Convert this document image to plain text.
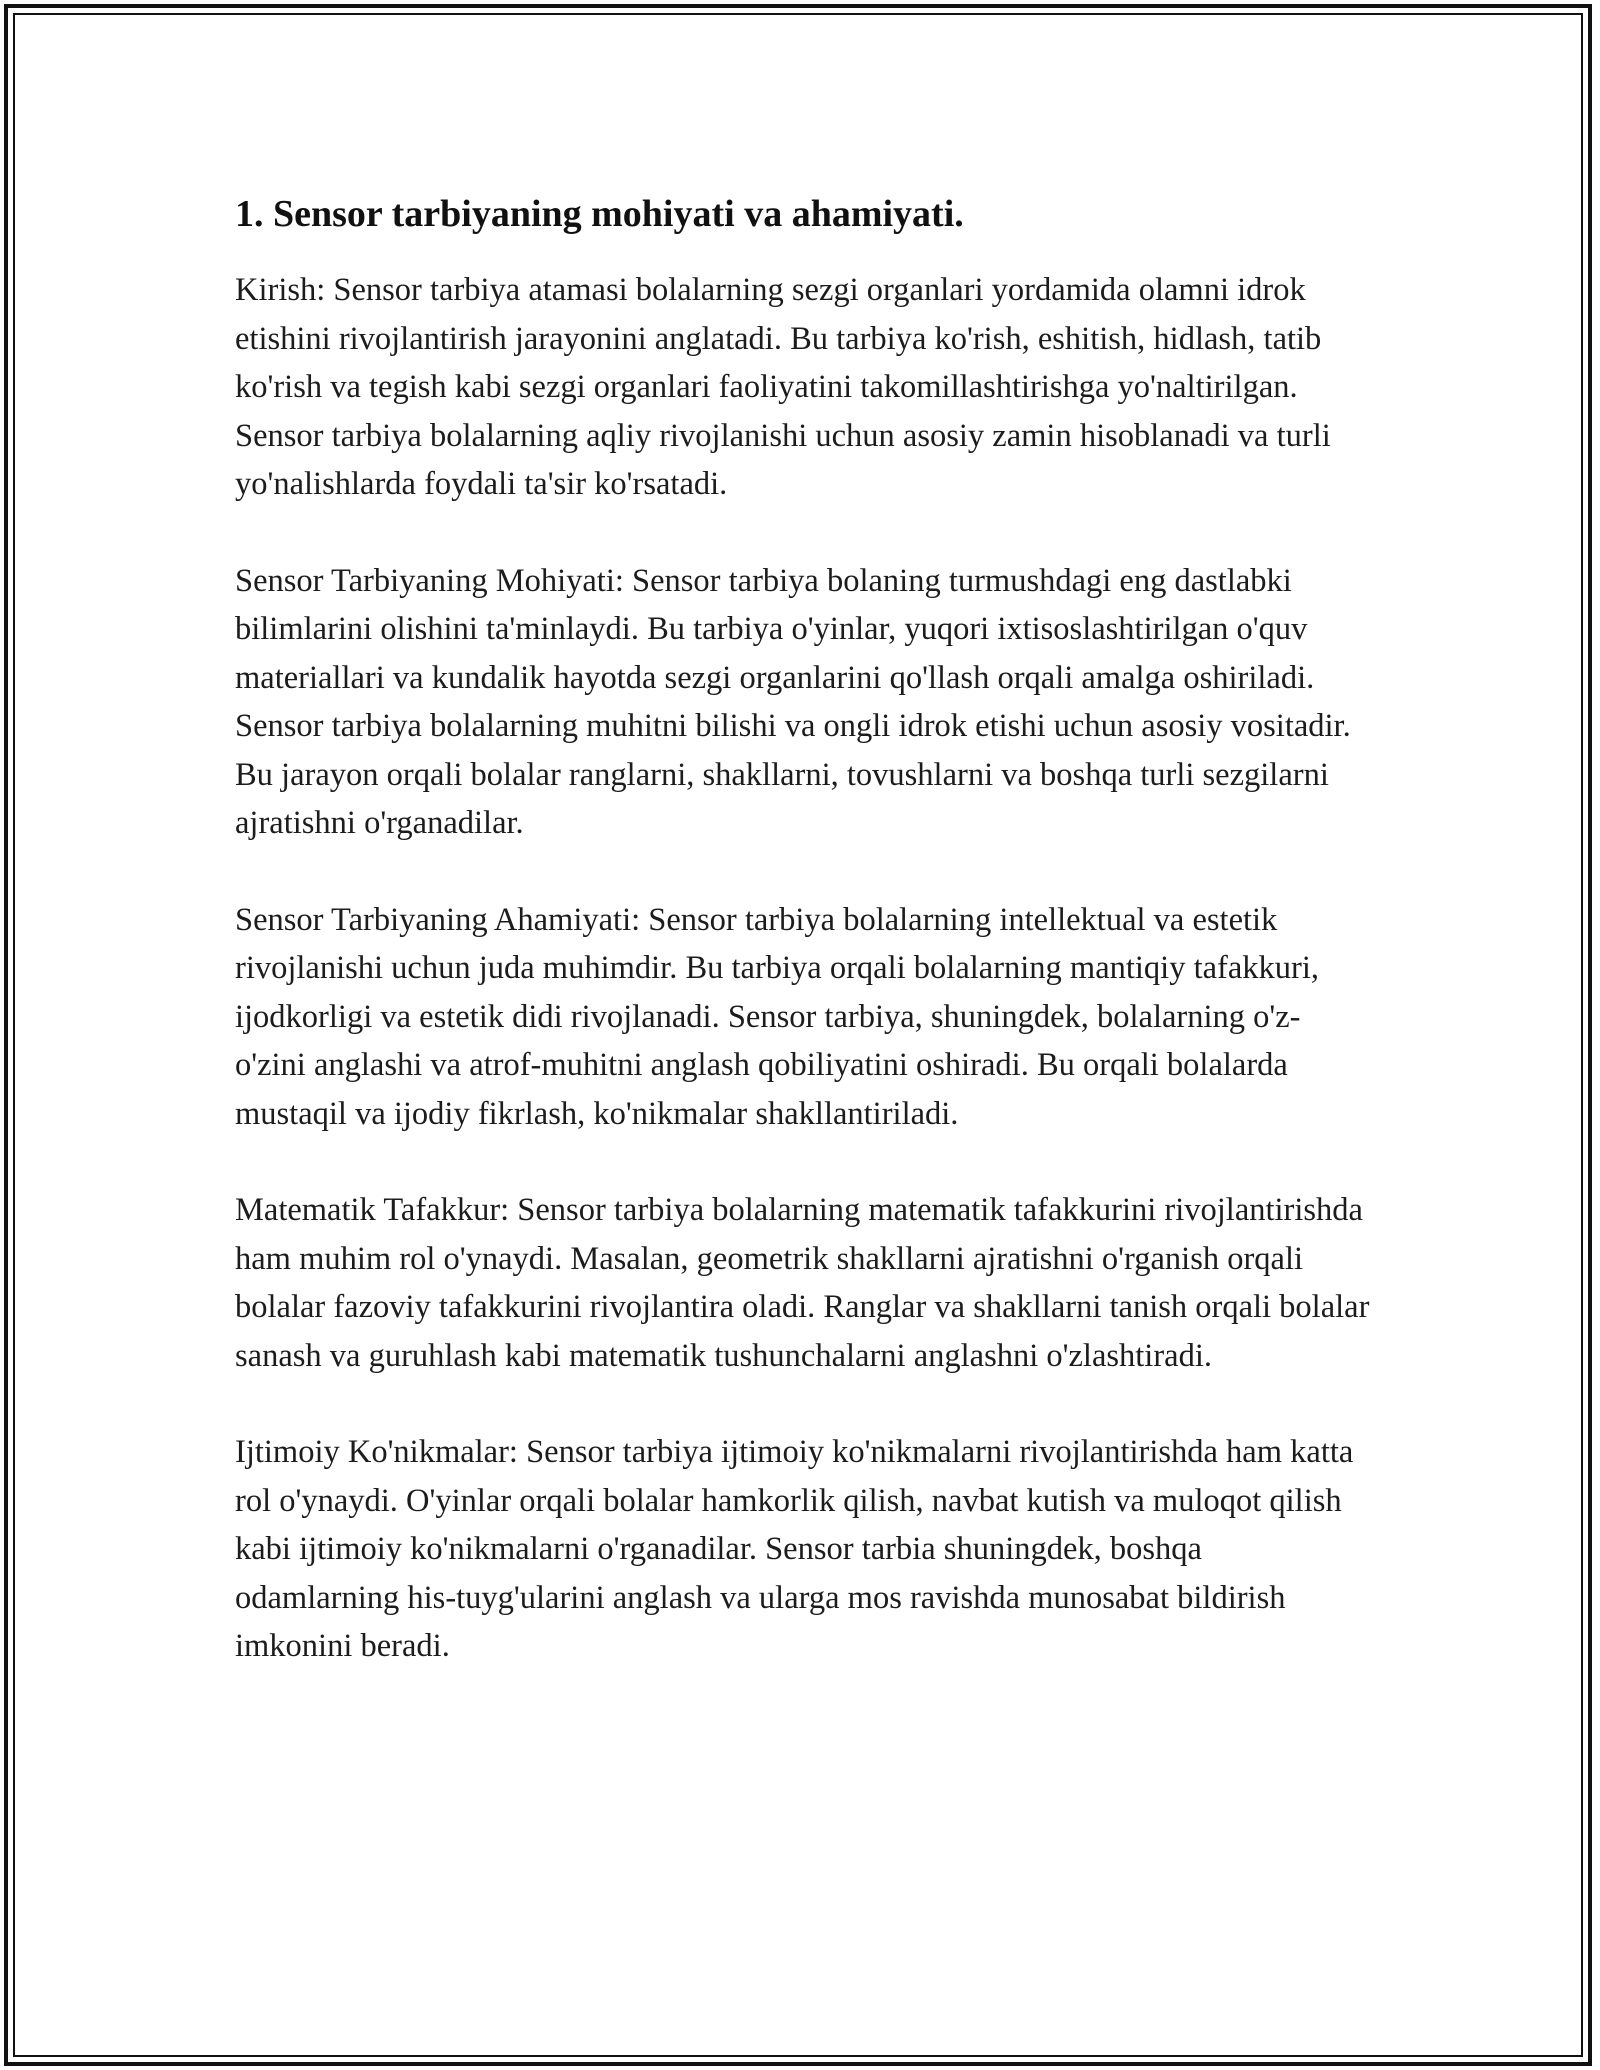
1. Sensor tarbiyaning mohiyati va ahamiyati.

Kirish: Sensor tarbiya atamasi bolalarning sezgi organlari yordamida olamni idrok etishini rivojlantirish jarayonini anglatadi. Bu tarbiya ko'rish, eshitish, hidlash, tatib ko'rish va tegish kabi sezgi organlari faoliyatini takomillashtirishga yo'naltirilgan. Sensor tarbiya bolalarning aqliy rivojlanishi uchun asosiy zamin hisoblanadi va turli yo'nalishlarda foydali ta'sir ko'rsatadi.

Sensor Tarbiyaning Mohiyati: Sensor tarbiya bolaning turmushdagi eng dastlabki bilimlarini olishini ta'minlaydi. Bu tarbiya o'yinlar, yuqori ixtisoslashtirilgan o'quv materiallari va kundalik hayotda sezgi organlarini qo'llash orqali amalga oshiriladi. Sensor tarbiya bolalarning muhitni bilishi va ongli idrok etishi uchun asosiy vositadir. Bu jarayon orqali bolalar ranglarni, shakllarni, tovushlarni va boshqa turli sezgilarni ajratishni o'rganadilar.

Sensor Tarbiyaning Ahamiyati: Sensor tarbiya bolalarning intellektual va estetik rivojlanishi uchun juda muhimdir. Bu tarbiya orqali bolalarning mantiqiy tafakkuri, ijodkorligi va estetik didi rivojlanadi. Sensor tarbiya, shuningdek, bolalarning o'z-o'zini anglashi va atrof-muhitni anglash qobiliyatini oshiradi. Bu orqali bolalarda mustaqil va ijodiy fikrlash, ko'nikmalar shakllantiriladi.

Matematik Tafakkur: Sensor tarbiya bolalarning matematik tafakkurini rivojlantirishda ham muhim rol o'ynaydi. Masalan, geometrik shakllarni ajratishni o'rganish orqali bolalar fazoviy tafakkurini rivojlantira oladi. Ranglar va shakllarni tanish orqali bolalar sanash va guruhlash kabi matematik tushunchalarni anglashni o'zlashtiradi.

Ijtimoiy Ko'nikmalar: Sensor tarbiya ijtimoiy ko'nikmalarni rivojlantirishda ham katta rol o'ynaydi. O'yinlar orqali bolalar hamkorlik qilish, navbat kutish va muloqot qilish kabi ijtimoiy ko'nikmalarni o'rganadilar. Sensor tarbia shuningdek, boshqa odamlarning his-tuyg'ularini anglash va ularga mos ravishda munosabat bildirish imkonini beradi.
